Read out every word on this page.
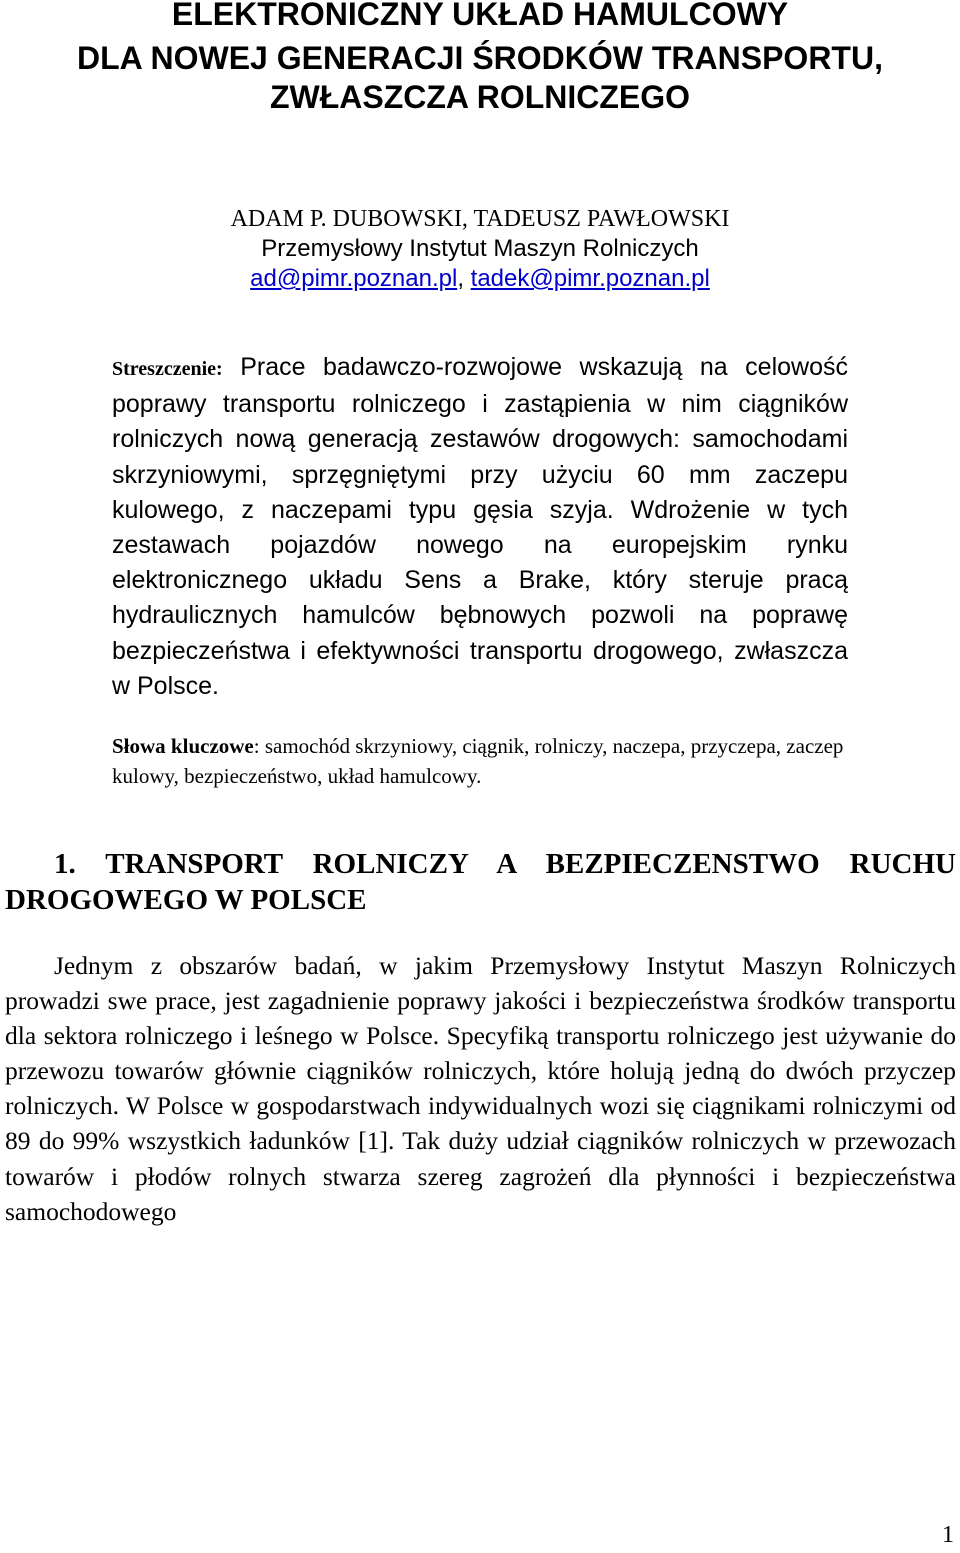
ELEKTRONICZNY UKŁAD HAMULCOWY
DLA NOWEJ GENERACJI ŚRODKÓW TRANSPORTU,
ZWŁASZCZA ROLNICZEGO
ADAM P. DUBOWSKI, TADEUSZ PAWŁOWSKI
Przemysłowy Instytut Maszyn Rolniczych
ad@pimr.poznan.pl, tadek@pimr.poznan.pl

Streszczenie: Prace badawczo-rozwojowe wskazują na celowość poprawy transportu rolniczego i zastąpienia w nim ciągników rolniczych nową generacją zestawów drogowych: samochodami skrzyniowymi, sprzęgniętymi przy użyciu 60 mm zaczepu kulowego, z naczepami typu gęsia szyja. Wdrożenie w tych zestawach pojazdów nowego na europejskim rynku elektronicznego układu Sens a Brake, który steruje pracą hydraulicznych hamulców bębnowych pozwoli na poprawę bezpieczeństwa i efektywności transportu drogowego, zwłaszcza w Polsce.

Słowa kluczowe: samochód skrzyniowy, ciągnik, rolniczy, naczepa, przyczepa, zaczep kulowy, bezpieczeństwo, układ hamulcowy.

1. TRANSPORT ROLNICZY A BEZPIECZENSTWO RUCHU
DROGOWEGO W POLSCE

Jednym z obszarów badań, w jakim Przemysłowy Instytut Maszyn Rolniczych prowadzi swe prace, jest zagadnienie poprawy jakości i bezpieczeństwa środków transportu dla sektora rolniczego i leśnego w Polsce. Specyfiką transportu rolniczego jest używanie do przewozu towarów głównie ciągników rolniczych, które holują jedną do dwóch przyczep rolniczych. W Polsce w gospodarstwach indywidualnych wozi się ciągnikami rolniczymi od 89 do 99% wszystkich ładunków [1]. Tak duży udział ciągników rolniczych w przewozach towarów i płodów rolnych stwarza szereg zagrożeń dla płynności i bezpieczeństwa samochodowego

1
